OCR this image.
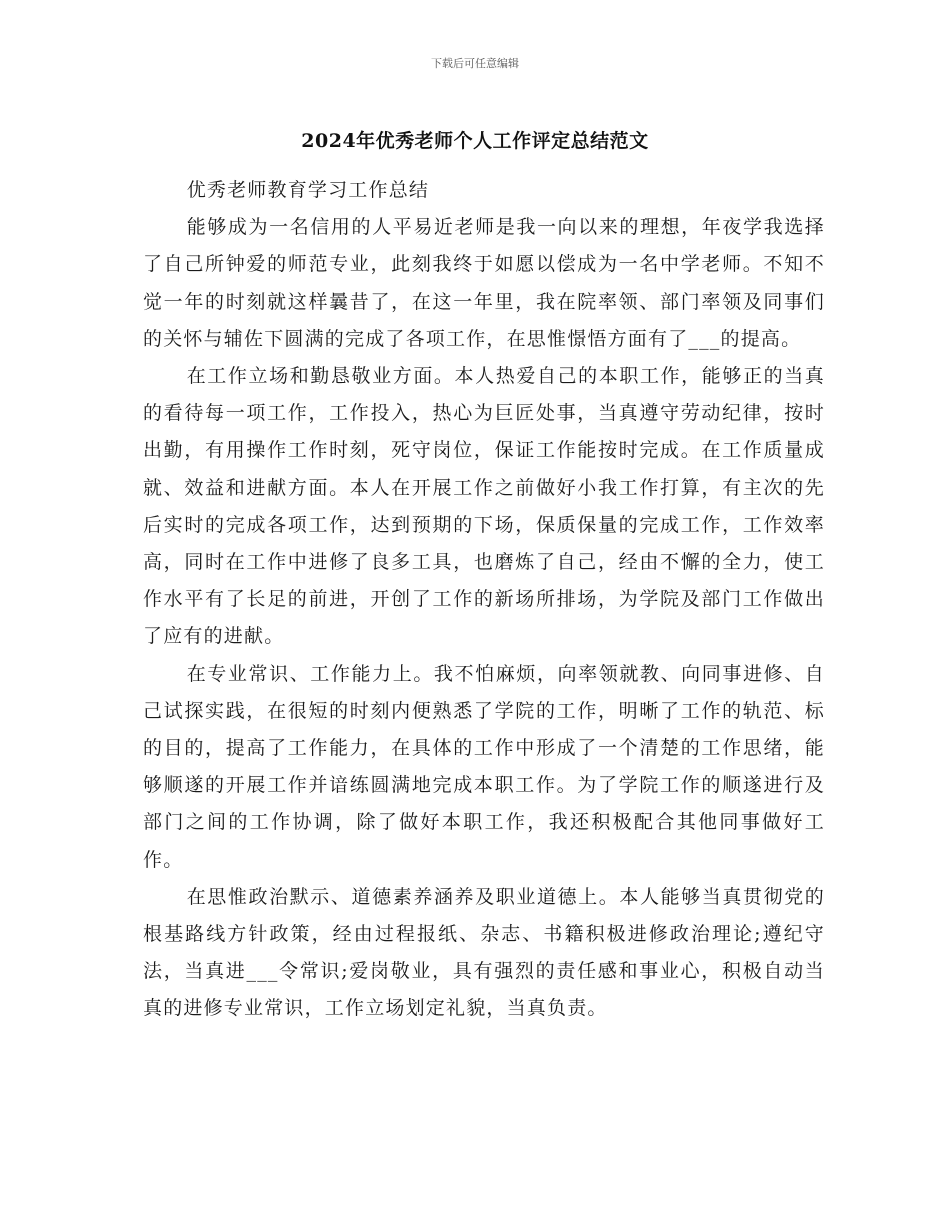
下载后可任意编辑
2024年优秀老师个人工作评定总结范文

优秀老师教育学习工作总结

能够成为一名信用的人平易近老师是我一向以来的理想，年夜学我选择了自己所钟爱的师范专业，此刻我终于如愿以偿成为一名中学老师。不知不觉一年的时刻就这样曩昔了，在这一年里，我在院率领、部门率领及同事们的关怀与辅佐下圆满的完成了各项工作，在思惟憬悟方面有了___的提高。

在工作立场和勤恳敬业方面。本人热爱自己的本职工作，能够正的当真的看待每一项工作，工作投入，热心为巨匠处事，当真遵守劳动纪律，按时出勤，有用操作工作时刻，死守岗位，保证工作能按时完成。在工作质量成就、效益和进献方面。本人在开展工作之前做好小我工作打算，有主次的先后实时的完成各项工作，达到预期的下场，保质保量的完成工作，工作效率高，同时在工作中进修了良多工具，也磨炼了自己，经由不懈的全力，使工作水平有了长足的前进，开创了工作的新场所排场，为学院及部门工作做出了应有的进献。

在专业常识、工作能力上。我不怕麻烦，向率领就教、向同事进修、自己试探实践，在很短的时刻内便熟悉了学院的工作，明晰了工作的轨范、标的目的，提高了工作能力，在具体的工作中形成了一个清楚的工作思绪，能够顺遂的开展工作并谙练圆满地完成本职工作。为了学院工作的顺遂进行及部门之间的工作协调，除了做好本职工作，我还积极配合其他同事做好工作。

在思惟政治默示、道德素养涵养及职业道德上。本人能够当真贯彻党的根基路线方针政策，经由过程报纸、杂志、书籍积极进修政治理论;遵纪守法，当真进___令常识;爱岗敬业，具有强烈的责任感和事业心，积极自动当真的进修专业常识，工作立场划定礼貌，当真负责。
